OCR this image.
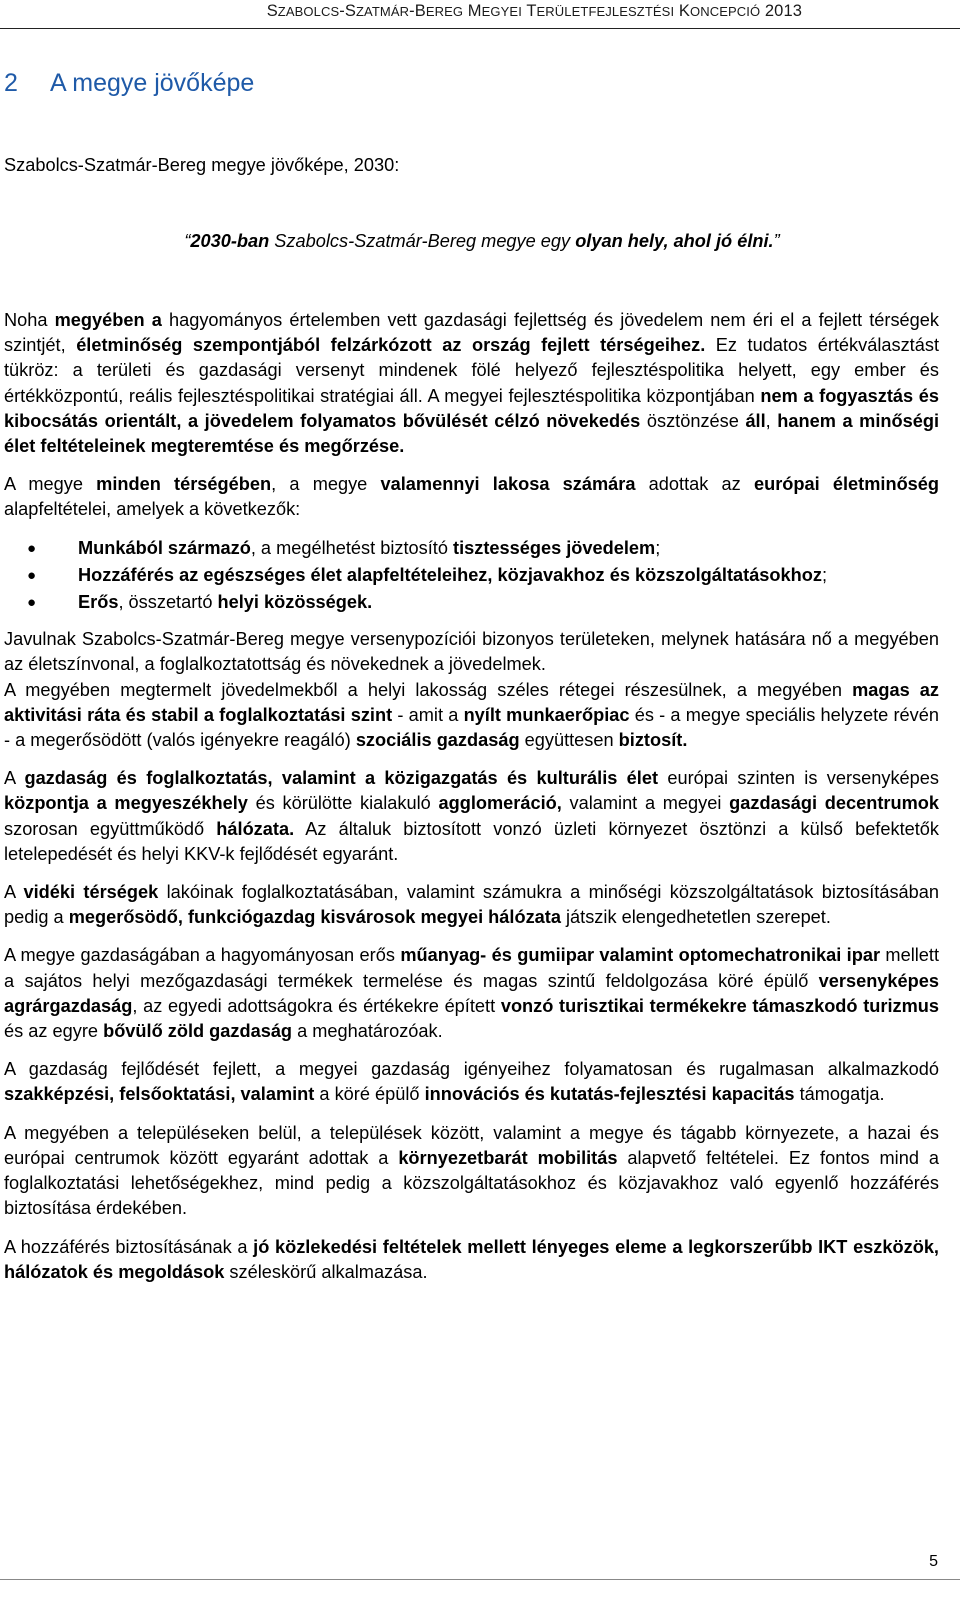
SZABOLCS-SZATMÁR-BEREG MEGYEI TERÜLETFEJLESZTÉSI KONCEPCIÓ 2013
2 A megye jövőképe

Szabolcs-Szatmár-Bereg megye jövőképe, 2030:

“2030-ban Szabolcs-Szatmár-Bereg megye egy olyan hely, ahol jó élni.”

Noha megyében a hagyományos értelemben vett gazdasági fejlettség és jövedelem nem éri el a fejlett térségek szintjét, életminőség szempontjából felzárkózott az ország fejlett térségeihez. Ez tudatos értékválasztást tükröz: a területi és gazdasági versenyt mindenek fölé helyező fejlesztéspolitika helyett, egy ember és értékközpontú, reális fejlesztéspolitikai stratégiai áll. A megyei fejlesztéspolitika központjában nem a fogyasztás és kibocsátás orientált, a jövedelem folyamatos bővülését célzó növekedés ösztönzése áll, hanem a minőségi élet feltételeinek megteremtése és megőrzése.

A megye minden térségében, a megye valamennyi lakosa számára adottak az európai életminőség alapfeltételei, amelyek a következők:

● Munkából származó, a megélhetést biztosító tisztességes jövedelem;
● Hozzáférés az egészséges élet alapfeltételeihez, közjavakhoz és közszolgáltatásokhoz;
● Erős, összetartó helyi közösségek.

Javulnak Szabolcs-Szatmár-Bereg megye versenypozíciói bizonyos területeken, melynek hatására nő a megyében az életszínvonal, a foglalkoztatottság és növekednek a jövedelmek.

A megyében megtermelt jövedelmekből a helyi lakosság széles rétegei részesülnek, a megyében magas az aktivitási ráta és stabil a foglalkoztatási szint - amit a nyílt munkaerőpiac és - a megye speciális helyzete révén - a megerősödött (valós igényekre reagáló) szociális gazdaság együttesen biztosít.

A gazdaság és foglalkoztatás, valamint a közigazgatás és kulturális élet európai szinten is versenyképes központja a megyeszékhely és körülötte kialakuló agglomeráció, valamint a megyei gazdasági decentrumok szorosan együttműködő hálózata. Az általuk biztosított vonzó üzleti környezet ösztönzi a külső befektetők letelepedését és helyi KKV-k fejlődését egyaránt.

A vidéki térségek lakóinak foglalkoztatásában, valamint számukra a minőségi közszolgáltatások biztosításában pedig a megerősödő, funkciógazdag kisvárosok megyei hálózata játszik elengedhetetlen szerepet.

A megye gazdaságában a hagyományosan erős műanyag- és gumiipar valamint optomechatronikai ipar mellett a sajátos helyi mezőgazdasági termékek termelése és magas szintű feldolgozása köré épülő versenyképes agrárgazdaság, az egyedi adottságokra és értékekre épített vonzó turisztikai termékekre támaszkodó turizmus és az egyre bővülő zöld gazdaság a meghatározóak.

A gazdaság fejlődését fejlett, a megyei gazdaság igényeihez folyamatosan és rugalmasan alkalmazkodó szakképzési, felsőoktatási, valamint a köré épülő innovációs és kutatás-fejlesztési kapacitás támogatja.

A megyében a településeken belül, a települések között, valamint a megye és tágabb környezete, a hazai és európai centrumok között egyaránt adottak a környezetbarát mobilitás alapvető feltételei. Ez fontos mind a foglalkoztatási lehetőségekhez, mind pedig a közszolgáltatásokhoz és közjavakhoz való egyenlő hozzáférés biztosítása érdekében.

A hozzáférés biztosításának a jó közlekedési feltételek mellett lényeges eleme a legkorszerűbb IKT eszközök, hálózatok és megoldások széleskörű alkalmazása.

5
